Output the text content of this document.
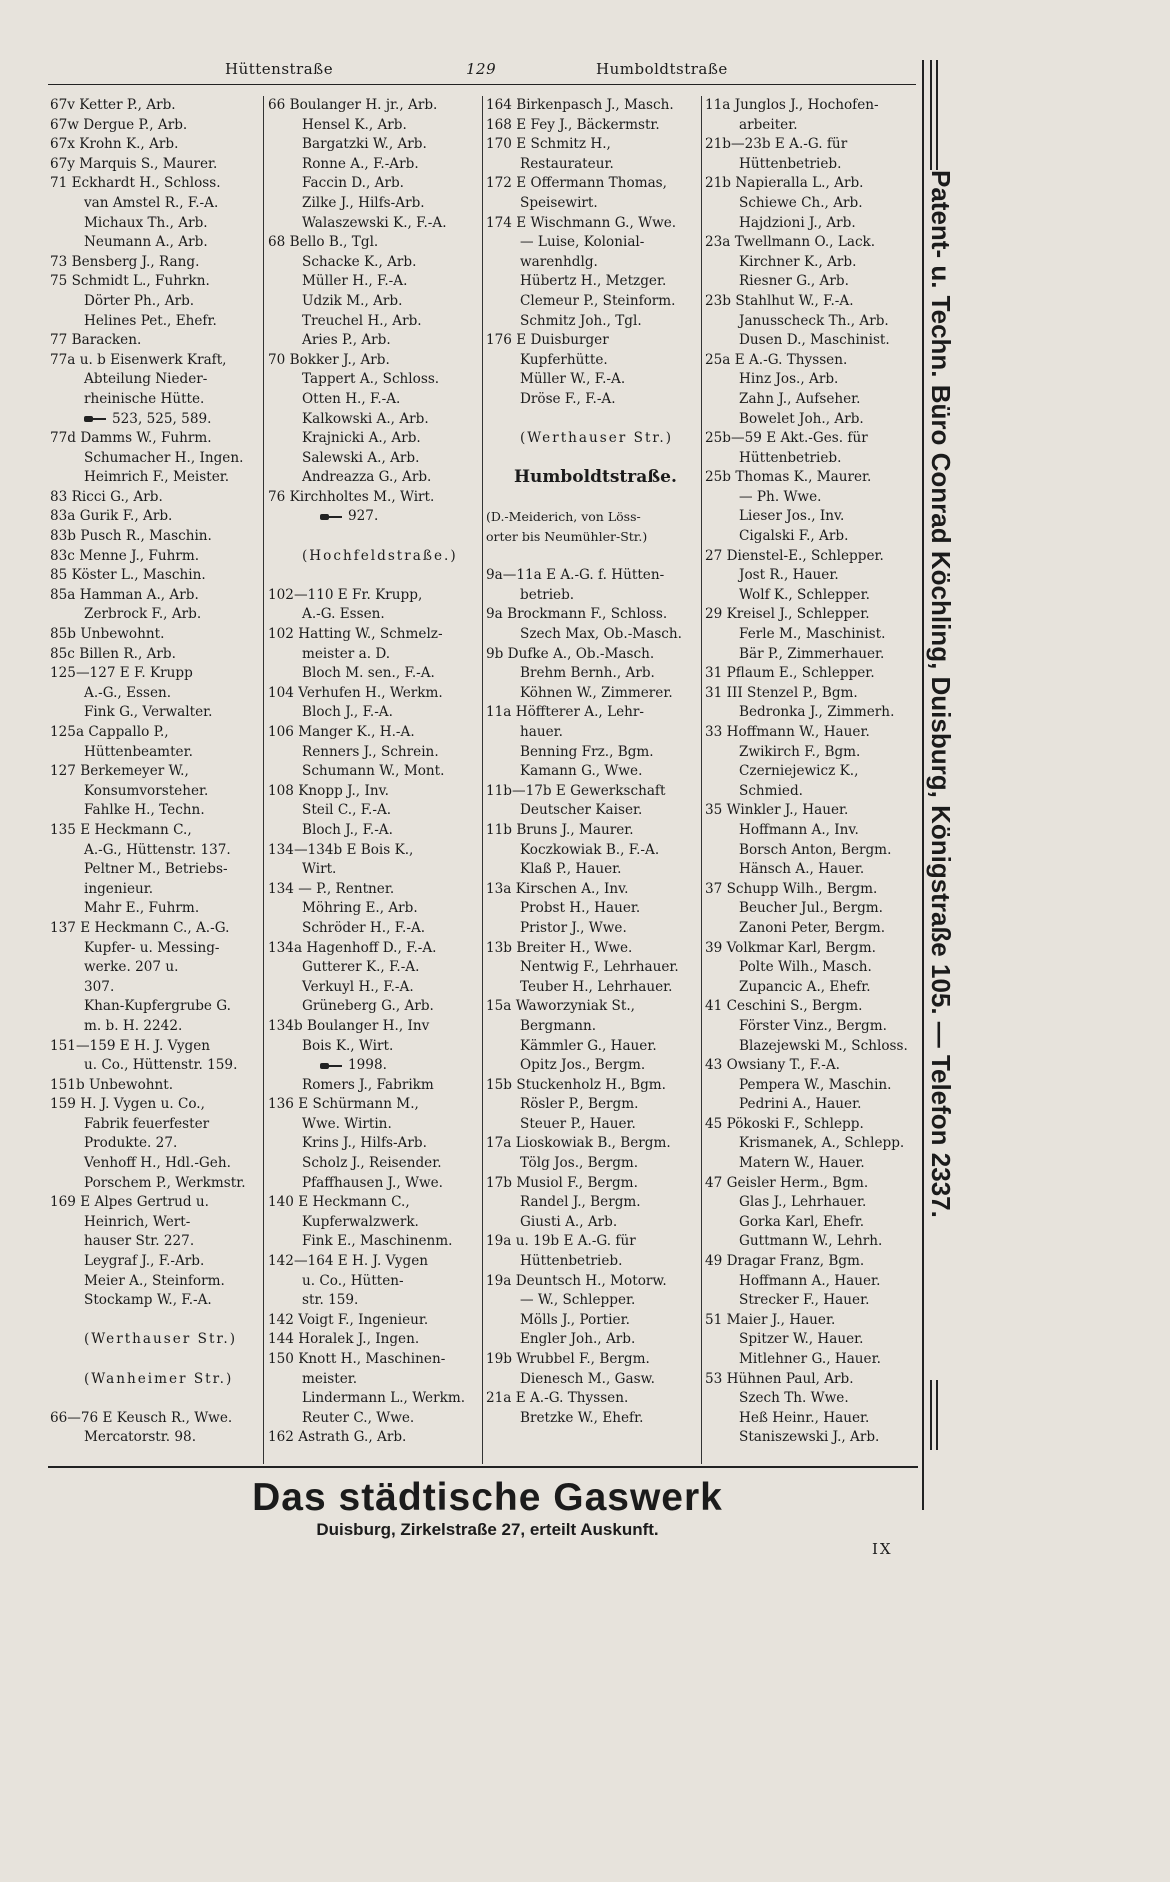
Hüttenstraße	129	Humboldtstraße
67v Ketter P., Arb.
67w Dergue P., Arb.
67x Krohn K., Arb.
67y Marquis S., Maurer.
71 Eckhardt H., Schloss.
van Amstel R., F.-A.
Michaux Th., Arb.
Neumann A., Arb.
73 Bensberg J., Rang.
75 Schmidt L., Fuhrkn.
Dörter Ph., Arb.
Helines Pet., Ehefr.
77 Baracken.
77a u. b Eisenwerk Kraft,
Abteilung Nieder-
rheinische Hütte.
523, 525, 589.
77d Damms W., Fuhrm.
Schumacher H., Ingen.
Heimrich F., Meister.
83 Ricci G., Arb.
83a Gurik F., Arb.
83b Pusch R., Maschin.
83c Menne J., Fuhrm.
85 Köster L., Maschin.
85a Hamman A., Arb.
Zerbrock F., Arb.
85b Unbewohnt.
85c Billen R., Arb.
125—127 E F. Krupp
A.-G., Essen.
Fink G., Verwalter.
125a Cappallo P.,
Hüttenbeamter.
127 Berkemeyer W.,
Konsumvorsteher.
Fahlke H., Techn.
135 E Heckmann C.,
A.-G., Hüttenstr. 137.
Peltner M., Betriebs-
ingenieur.
Mahr E., Fuhrm.
137 E Heckmann C., A.-G.
Kupfer- u. Messing-
werke. 207 u.
307.
Khan-Kupfergrube G.
m. b. H. 2242.
151—159 E H. J. Vygen
u. Co., Hüttenstr. 159.
151b Unbewohnt.
159 H. J. Vygen u. Co.,
Fabrik feuerfester
Produkte. 27.
Venhoff H., Hdl.-Geh.
Porschem P., Werkmstr.
169 E Alpes Gertrud u.
Heinrich, Wert-
hauser Str. 227.
Leygraf J., F.-Arb.
Meier A., Steinform.
Stockamp W., F.-A.
(Werthauser Str.)
(Wanheimer Str.)
66—76 E Keusch R., Wwe.
Mercatorstr. 98.
66 Boulanger H. jr., Arb.
Hensel K., Arb.
Bargatzki W., Arb.
Ronne A., F.-Arb.
Faccin D., Arb.
Zilke J., Hilfs-Arb.
Walaszewski K., F.-A.
68 Bello B., Tgl.
Schacke K., Arb.
Müller H., F.-A.
Udzik M., Arb.
Treuchel H., Arb.
Aries P., Arb.
70 Bokker J., Arb.
Tappert A., Schloss.
Otten H., F.-A.
Kalkowski A., Arb.
Krajnicki A., Arb.
Salewski A., Arb.
Andreazza G., Arb.
76 Kirchholtes M., Wirt.
927.
(Hochfeldstraße.)
102—110 E Fr. Krupp,
A.-G. Essen.
102 Hatting W., Schmelz-
meister a. D.
Bloch M. sen., F.-A.
104 Verhufen H., Werkm.
Bloch J., F.-A.
106 Manger K., H.-A.
Renners J., Schrein.
Schumann W., Mont.
108 Knopp J., Inv.
Steil C., F.-A.
Bloch J., F.-A.
134—134b E Bois K.,
Wirt.
134 — P., Rentner.
Möhring E., Arb.
Schröder H., F.-A.
134a Hagenhoff D., F.-A.
Gutterer K., F.-A.
Verkuyl H., F.-A.
Grüneberg G., Arb.
134b Boulanger H., Inv
Bois K., Wirt.
1998.
Romers J., Fabrikm
136 E Schürmann M.,
Wwe. Wirtin.
Krins J., Hilfs-Arb.
Scholz J., Reisender.
Pfaffhausen J., Wwe.
140 E Heckmann C.,
Kupferwalzwerk.
Fink E., Maschinenm.
142—164 E H. J. Vygen
u. Co., Hütten-
str. 159.
142 Voigt F., Ingenieur.
144 Horalek J., Ingen.
150 Knott H., Maschinen-
meister.
Lindermann L., Werkm.
Reuter C., Wwe.
162 Astrath G., Arb.
164 Birkenpasch J., Masch.
168 E Fey J., Bäckermstr.
170 E Schmitz H.,
Restaurateur.
172 E Offermann Thomas,
Speisewirt.
174 E Wischmann G., Wwe.
— Luise, Kolonial-
warenhdlg.
Hübertz H., Metzger.
Clemeur P., Steinform.
Schmitz Joh., Tgl.
176 E Duisburger
Kupferhütte.
Müller W., F.-A.
Dröse F., F.-A.
(Werthauser Str.)
Humboldtstraße.
(D.-Meiderich, von Löss-
orter bis Neumühler-Str.)
9a—11a E A.-G. f. Hütten-
betrieb.
9a Brockmann F., Schloss.
Szech Max, Ob.-Masch.
9b Dufke A., Ob.-Masch.
Brehm Bernh., Arb.
Köhnen W., Zimmerer.
11a Höffterer A., Lehr-
hauer.
Benning Frz., Bgm.
Kamann G., Wwe.
11b—17b E Gewerkschaft
Deutscher Kaiser.
11b Bruns J., Maurer.
Koczkowiak B., F.-A.
Klaß P., Hauer.
13a Kirschen A., Inv.
Probst H., Hauer.
Pristor J., Wwe.
13b Breiter H., Wwe.
Nentwig F., Lehrhauer.
Teuber H., Lehrhauer.
15a Waworzyniak St.,
Bergmann.
Kämmler G., Hauer.
Opitz Jos., Bergm.
15b Stuckenholz H., Bgm.
Rösler P., Bergm.
Steuer P., Hauer.
17a Lioskowiak B., Bergm.
Tölg Jos., Bergm.
17b Musiol F., Bergm.
Randel J., Bergm.
Giusti A., Arb.
19a u. 19b E A.-G. für
Hüttenbetrieb.
19a Deuntsch H., Motorw.
— W., Schlepper.
Mölls J., Portier.
Engler Joh., Arb.
19b Wrubbel F., Bergm.
Dienesch M., Gasw.
21a E A.-G. Thyssen.
Bretzke W., Ehefr.
11a Junglos J., Hochofen-
arbeiter.
21b—23b E A.-G. für
Hüttenbetrieb.
21b Napieralla L., Arb.
Schiewe Ch., Arb.
Hajdzioni J., Arb.
23a Twellmann O., Lack.
Kirchner K., Arb.
Riesner G., Arb.
23b Stahlhut W., F.-A.
Janusscheck Th., Arb.
Dusen D., Maschinist.
25a E A.-G. Thyssen.
Hinz Jos., Arb.
Zahn J., Aufseher.
Bowelet Joh., Arb.
25b—59 E Akt.-Ges. für
Hüttenbetrieb.
25b Thomas K., Maurer.
— Ph. Wwe.
Lieser Jos., Inv.
Cigalski F., Arb.
27 Dienstel-E., Schlepper.
Jost R., Hauer.
Wolf K., Schlepper.
29 Kreisel J., Schlepper.
Ferle M., Maschinist.
Bär P., Zimmerhauer.
31 Pflaum E., Schlepper.
31 III Stenzel P., Bgm.
Bedronka J., Zimmerh.
33 Hoffmann W., Hauer.
Zwikirch F., Bgm.
Czerniejewicz K.,
Schmied.
35 Winkler J., Hauer.
Hoffmann A., Inv.
Borsch Anton, Bergm.
Hänsch A., Hauer.
37 Schupp Wilh., Bergm.
Beucher Jul., Bergm.
Zanoni Peter, Bergm.
39 Volkmar Karl, Bergm.
Polte Wilh., Masch.
Zupancic A., Ehefr.
41 Ceschini S., Bergm.
Förster Vinz., Bergm.
Blazejewski M., Schloss.
43 Owsiany T., F.-A.
Pempera W., Maschin.
Pedrini A., Hauer.
45 Pökoski F., Schlepp.
Krismanek, A., Schlepp.
Matern W., Hauer.
47 Geisler Herm., Bgm.
Glas J., Lehrhauer.
Gorka Karl, Ehefr.
Guttmann W., Lehrh.
49 Dragar Franz, Bgm.
Hoffmann A., Hauer.
Strecker F., Hauer.
51 Maier J., Hauer.
Spitzer W., Hauer.
Mitlehner G., Hauer.
53 Hühnen Paul, Arb.
Szech Th. Wwe.
Heß Heinr., Hauer.
Staniszewski J., Arb.
Das städtische Gaswerk
Duisburg, Zirkelstraße 27, erteilt Auskunft.
IX
Patent- u. Techn. Büro Conrad Köchling, Duisburg, Königstraße 105. — Telefon 2337.
